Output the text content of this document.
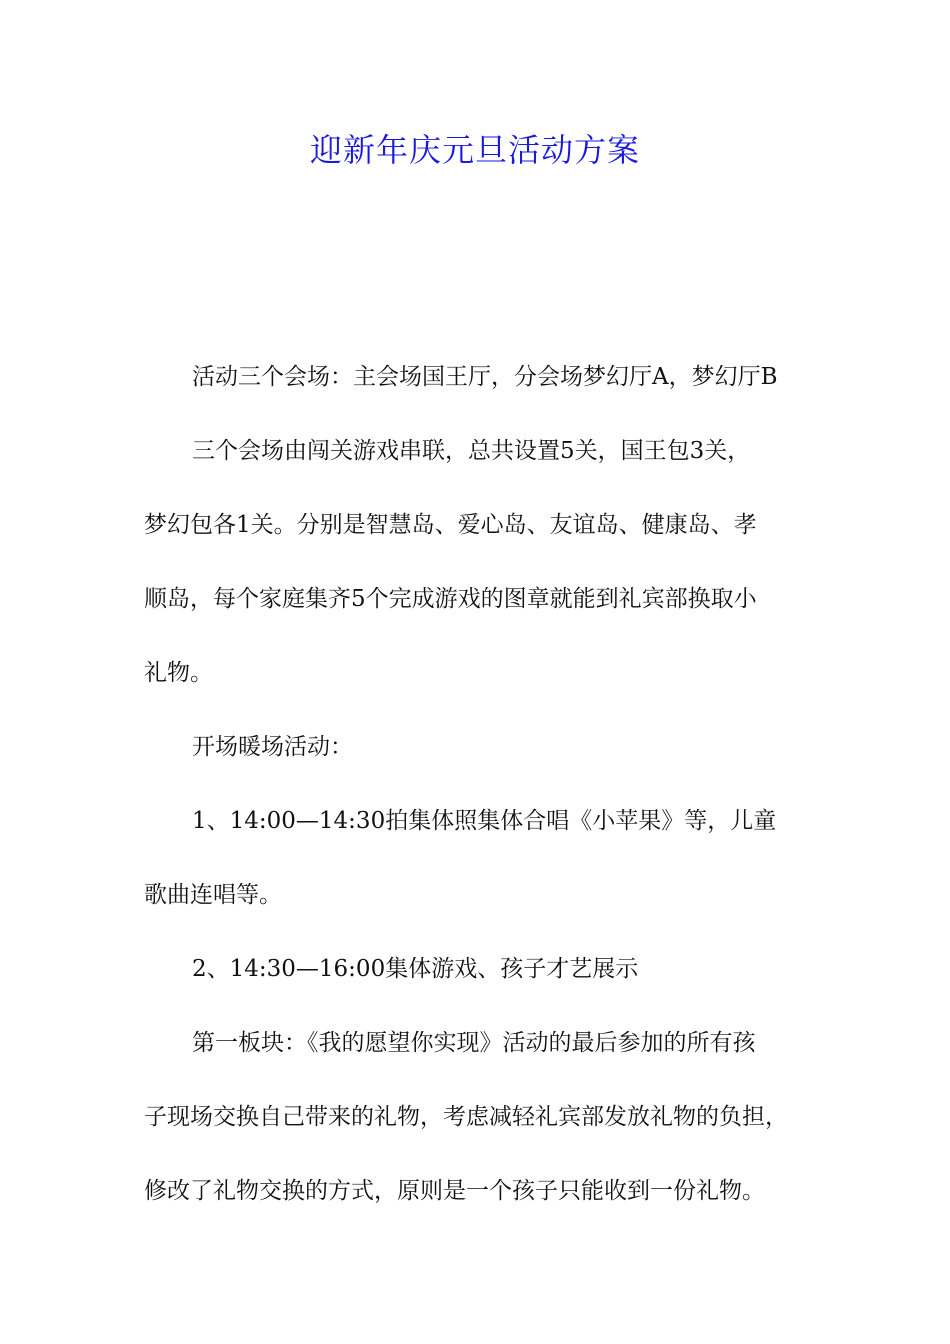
迎新年庆元旦活动方案

活动三个会场：主会场国王厅，分会场梦幻厅A，梦幻厅B

三个会场由闯关游戏串联，总共设置5关，国王包3关，
梦幻包各1关。分别是智慧岛、爱心岛、友谊岛、健康岛、孝
顺岛，每个家庭集齐5个完成游戏的图章就能到礼宾部换取小
礼物。

开场暖场活动：

1、14:00—14:30拍集体照集体合唱《小苹果》等，儿童
歌曲连唱等。

2、14:30—16:00集体游戏、孩子才艺展示

第一板块：《我的愿望你实现》活动的最后参加的所有孩
子现场交换自己带来的礼物，考虑减轻礼宾部发放礼物的负担，
修改了礼物交换的方式，原则是一个孩子只能收到一份礼物。
